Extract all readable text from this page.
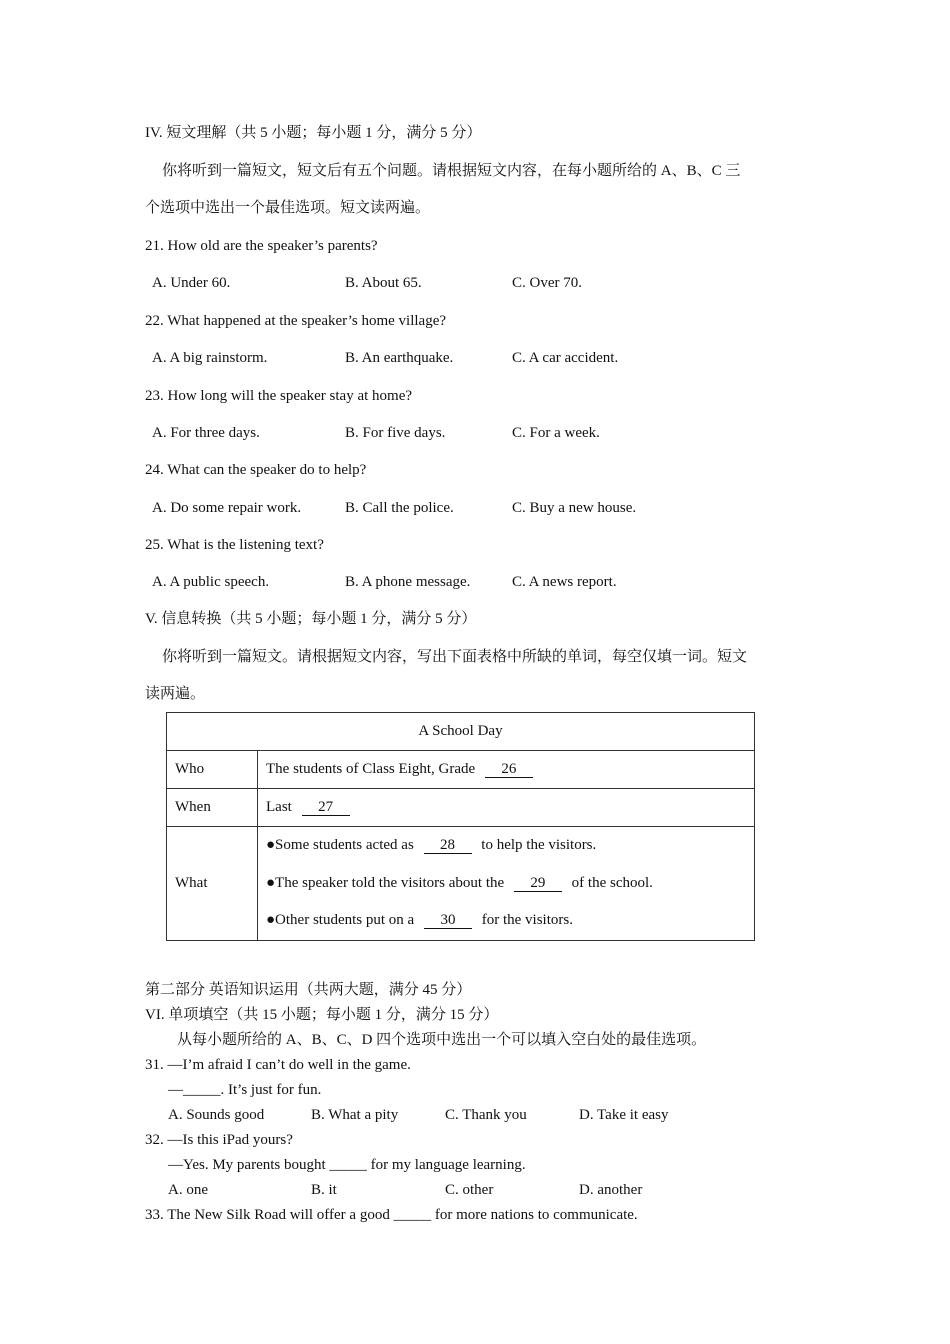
IV. 短文理解（共 5 小题；每小题 1 分，满分 5 分）
你将听到一篇短文，短文后有五个问题。请根据短文内容，在每小题所给的 A、B、C 三
个选项中选出一个最佳选项。短文读两遍。
21. How old are the speaker’s parents?
A. Under 60.	B. About 65.	C. Over 70.
22. What happened at the speaker’s home village?
A. A big rainstorm.	B. An earthquake.	C. A car accident.
23. How long will the speaker stay at home?
A. For three days.	B. For five days.	C. For a week.
24. What can the speaker do to help?
A. Do some repair work.	B. Call the police.	C. Buy a new house.
25. What is the listening text?
A. A public speech.	B. A phone message.	C. A news report.
V. 信息转换（共 5 小题；每小题 1 分，满分 5 分）
你将听到一篇短文。请根据短文内容，写出下面表格中所缺的单词，每空仅填一词。短文
读两遍。
A School Day	
Who	The students of Class Eight, Grade 26
When	Last 27
What	●Some students acted as 28 to help the visitors.
●The speaker told the visitors about the 29 of the school.
●Other students put on a 30 for the visitors.
第二部分 英语知识运用（共两大题，满分 45 分）
VI. 单项填空（共 15 小题；每小题 1 分，满分 15 分）
从每小题所给的 A、B、C、D 四个选项中选出一个可以填入空白处的最佳选项。
31. —I’m afraid I can’t do well in the game.
—_____. It’s just for fun.
A. Sounds good	B. What a pity	C. Thank you	D. Take it easy
32. —Is this iPad yours?
—Yes. My parents bought _____ for my language learning.
A. one	B. it	C. other	D. another
33. The New Silk Road will offer a good _____ for more nations to communicate.
